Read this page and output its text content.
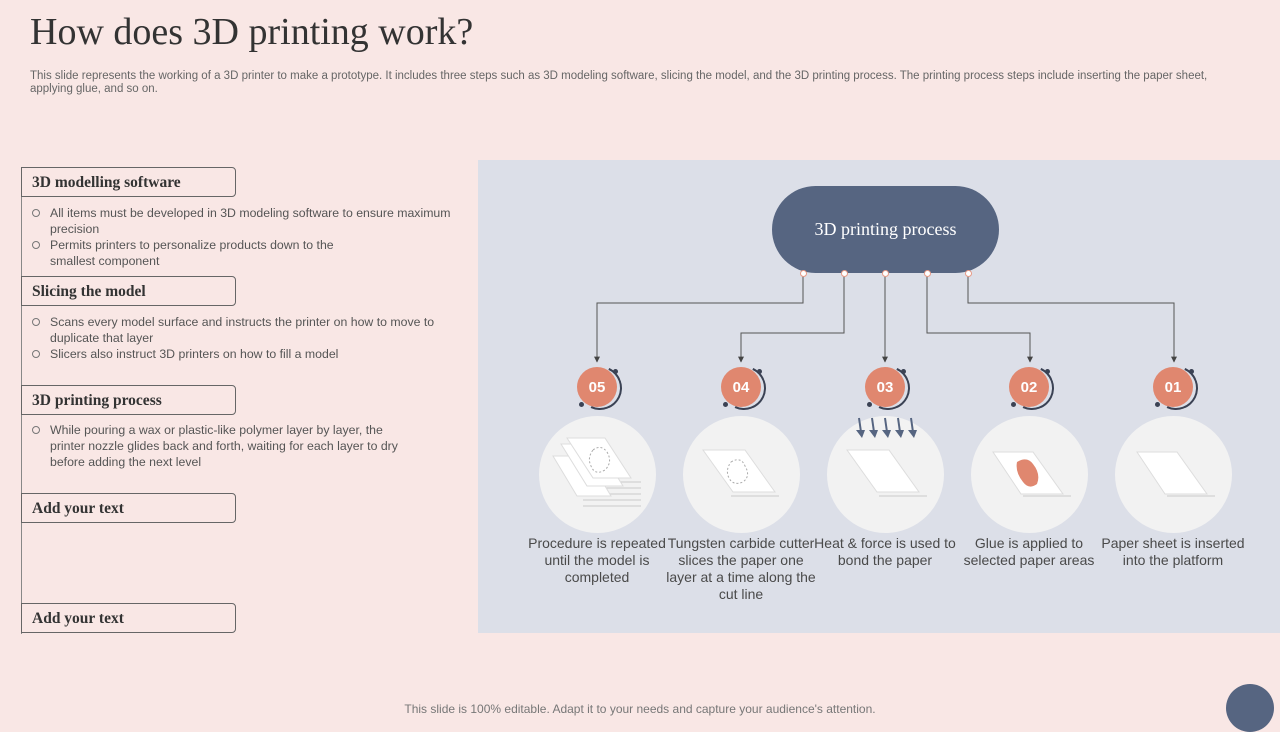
How does 3D printing work?

This slide represents the working of a 3D printer to make a prototype. It includes three steps such as 3D modeling software, slicing the model, and the 3D printing process. The printing process steps include inserting the paper sheet, applying glue, and so on.

3D modelling software
All items must be developed in 3D modeling software to ensure maximum precision
Permits printers to personalize products down to the smallest component
Slicing the model
Scans every model surface and instructs the printer on how to move to duplicate that layer
Slicers also instruct 3D printers on how to fill a model
3D printing process
While pouring a wax or plastic-like polymer layer by layer, the printer nozzle glides back and forth, waiting for each layer to dry before adding the next level
Add your text
Add your text
3D printing process
05
Procedure is repeated until the model is completed
04
Tungsten carbide cutter slices the paper one layer at a time along the cut line
03
Heat & force is used to bond the paper
02
Glue is applied to selected paper areas
01
Paper sheet is inserted into the platform
This slide is 100% editable. Adapt it to your needs and capture your audience's attention.
